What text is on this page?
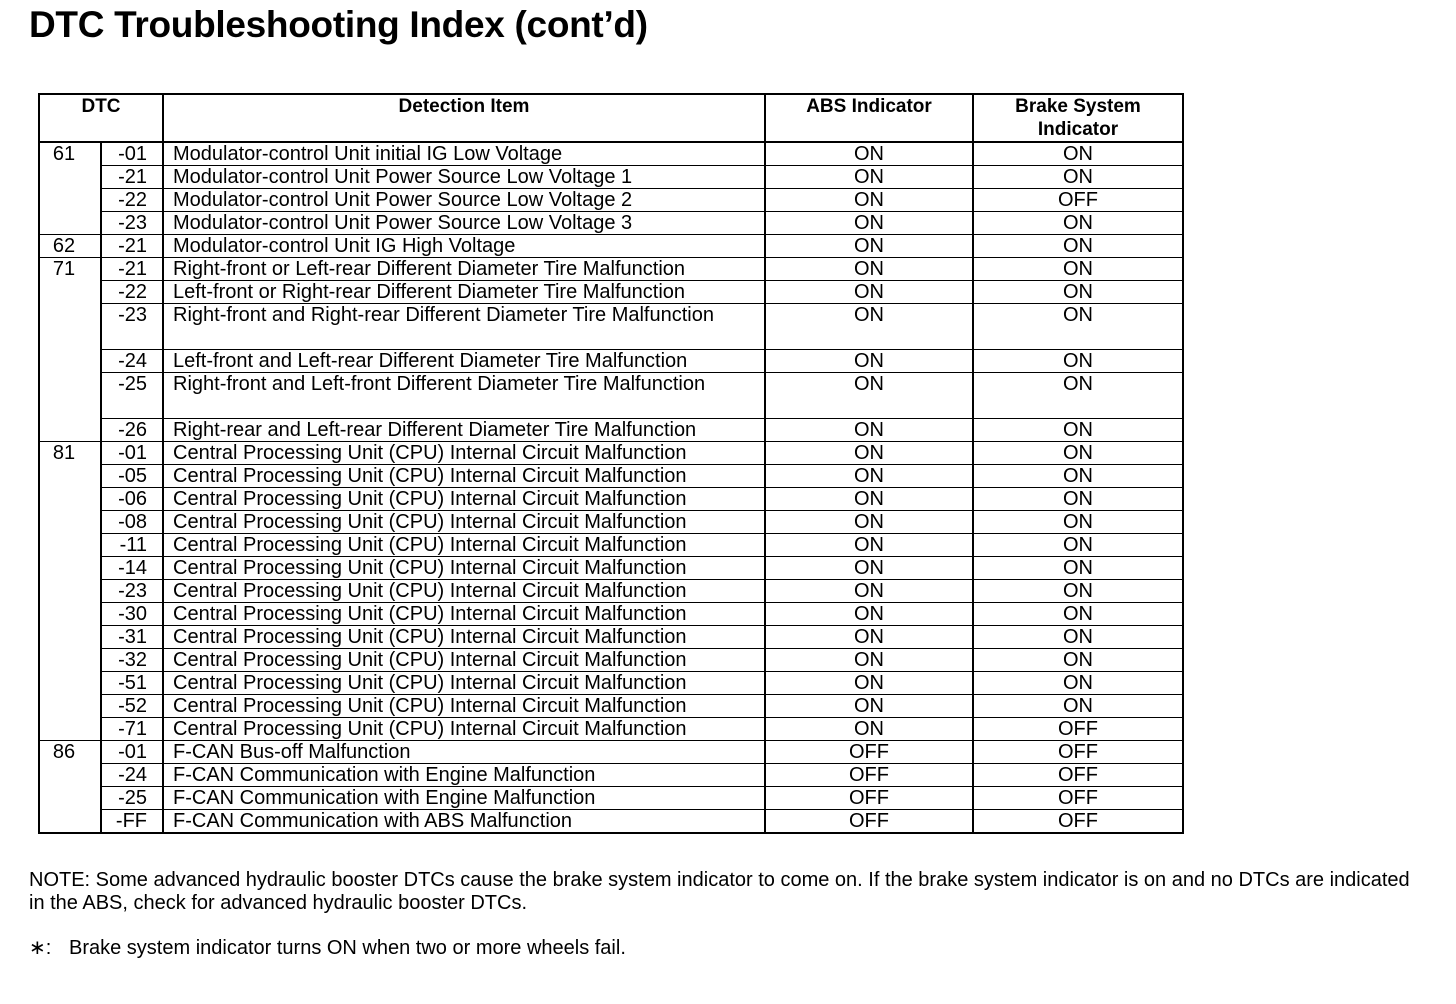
DTC Troubleshooting Index (cont’d)
DTC		Detection Item	ABS Indicator	Brake System
Indicator
61	-01	Modulator-control Unit initial IG Low Voltage	ON	ON
	-21	Modulator-control Unit Power Source Low Voltage 1	ON	ON
	-22	Modulator-control Unit Power Source Low Voltage 2	ON	OFF
	-23	Modulator-control Unit Power Source Low Voltage 3	ON	ON
62	-21	Modulator-control Unit IG High Voltage	ON	ON
71	-21	Right-front or Left-rear Different Diameter Tire Malfunction	ON	ON
	-22	Left-front or Right-rear Different Diameter Tire Malfunction	ON	ON
	-23	Right-front and Right-rear Different Diameter Tire Malfunction	ON	ON
	-24	Left-front and Left-rear Different Diameter Tire Malfunction	ON	ON
	-25	Right-front and Left-front Different Diameter Tire Malfunction	ON	ON
	-26	Right-rear and Left-rear Different Diameter Tire Malfunction	ON	ON
81	-01	Central Processing Unit (CPU) Internal Circuit Malfunction	ON	ON
	-05	Central Processing Unit (CPU) Internal Circuit Malfunction	ON	ON
	-06	Central Processing Unit (CPU) Internal Circuit Malfunction	ON	ON
	-08	Central Processing Unit (CPU) Internal Circuit Malfunction	ON	ON
	-11	Central Processing Unit (CPU) Internal Circuit Malfunction	ON	ON
	-14	Central Processing Unit (CPU) Internal Circuit Malfunction	ON	ON
	-23	Central Processing Unit (CPU) Internal Circuit Malfunction	ON	ON
	-30	Central Processing Unit (CPU) Internal Circuit Malfunction	ON	ON
	-31	Central Processing Unit (CPU) Internal Circuit Malfunction	ON	ON
	-32	Central Processing Unit (CPU) Internal Circuit Malfunction	ON	ON
	-51	Central Processing Unit (CPU) Internal Circuit Malfunction	ON	ON
	-52	Central Processing Unit (CPU) Internal Circuit Malfunction	ON	ON
	-71	Central Processing Unit (CPU) Internal Circuit Malfunction	ON	OFF
86	-01	F-CAN Bus-off Malfunction	OFF	OFF
	-24	F-CAN Communication with Engine Malfunction	OFF	OFF
	-25	F-CAN Communication with Engine Malfunction	OFF	OFF
	-FF	F-CAN Communication with ABS Malfunction	OFF	OFF

NOTE: Some advanced hydraulic booster DTCs cause the brake system indicator to come on. If the brake system indicator is on and no DTCs are indicated in the ABS, check for advanced hydraulic booster DTCs.

∗: Brake system indicator turns ON when two or more wheels fail.
